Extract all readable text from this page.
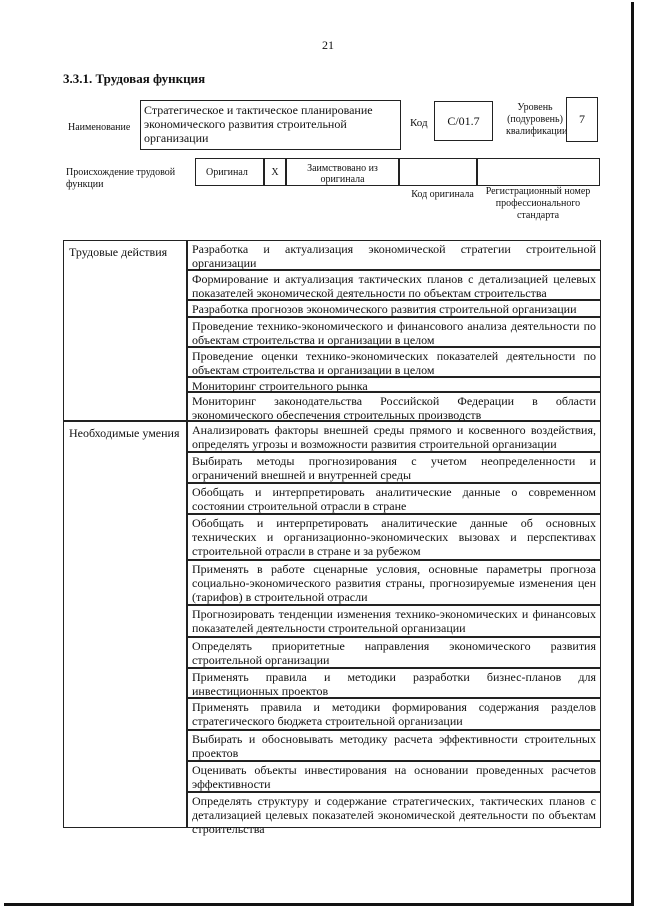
21
3.3.1. Трудовая функция
Наименование
Стратегическое и тактическое планирование экономического развития строительной организации
Код	C/01.7
Уровень (подуровень) квалификации
7
Происхождение трудовой функции
Оригинал	X	Заимствовано из оригинала
Код оригинала	Регистрационный номер профессионального стандарта
Трудовые действия	Разработка и актуализация экономической стратегии строительной организации
Формирование и актуализация тактических планов с детализацией целевых показателей экономической деятельности по объектам строительства
Разработка прогнозов экономического развития строительной организации
Проведение технико-экономического и финансового анализа деятельности по объектам строительства и организации в целом
Проведение оценки технико-экономических показателей деятельности по объектам строительства и организации в целом
Мониторинг строительного рынка
Мониторинг законодательства Российской Федерации в области экономического обеспечения строительных производств
Необходимые умения	Анализировать факторы внешней среды прямого и косвенного воздействия, определять угрозы и возможности развития строительной организации
Выбирать методы прогнозирования с учетом неопределенности и ограничений внешней и внутренней среды
Обобщать и интерпретировать аналитические данные о современном состоянии строительной отрасли в стране
Обобщать и интерпретировать аналитические данные об основных технических и организационно-экономических вызовах и перспективах строительной отрасли в стране и за рубежом
Применять в работе сценарные условия, основные параметры прогноза социально-экономического развития страны, прогнозируемые изменения цен (тарифов) в строительной отрасли
Прогнозировать тенденции изменения технико-экономических и финансовых показателей деятельности строительной организации
Определять приоритетные направления экономического развития строительной организации
Применять правила и методики разработки бизнес-планов для инвестиционных проектов
Применять правила и методики формирования содержания разделов стратегического бюджета строительной организации
Выбирать и обосновывать методику расчета эффективности строительных проектов
Оценивать объекты инвестирования на основании проведенных расчетов эффективности
Определять структуру и содержание стратегических, тактических планов с детализацией целевых показателей экономической деятельности по объектам строительства
